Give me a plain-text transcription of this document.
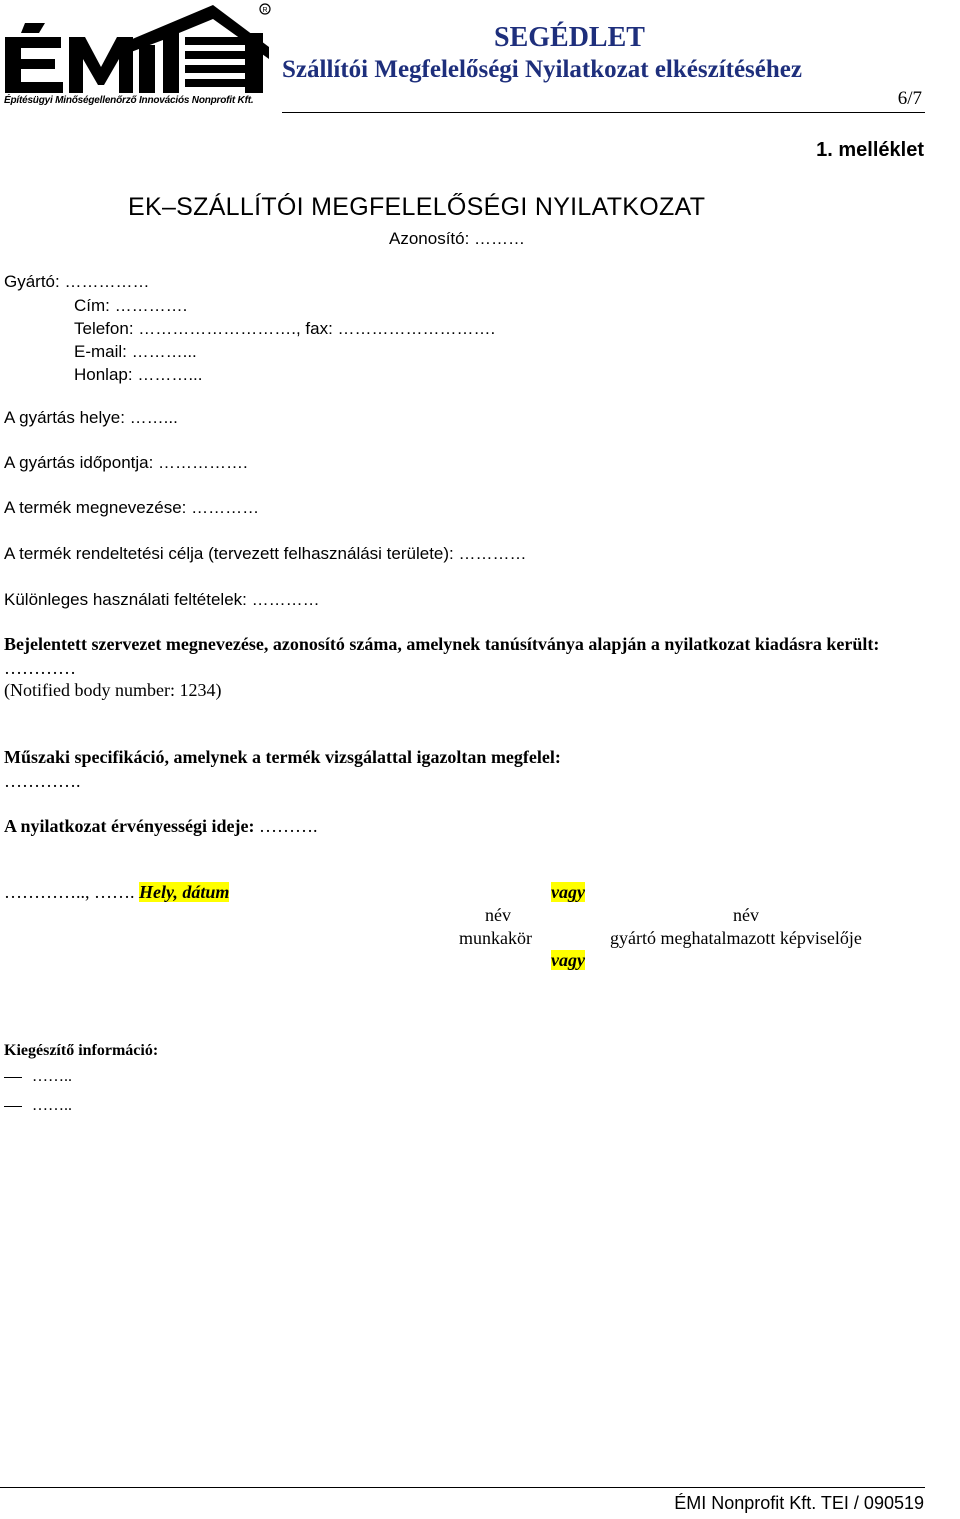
R
Építésügyi Minőségellenőrző Innovációs Nonprofit Kft.
SEGÉDLET
Szállítói Megfelelőségi Nyilatkozat elkészítéséhez
6/7
1. melléklet
EK–SZÁLLÍTÓI MEGFELELŐSÉGI NYILATKOZAT
Azonosító: ………
Gyártó: ……………
Cím: ………….
Telefon: ………………………., fax: ……………………….
E-mail: ………...
Honlap: ………...
A gyártás helye: ……...
A gyártás időpontja: …………….
A termék megnevezése: …………
A termék rendeltetési célja (tervezett felhasználási területe): …………
Különleges használati feltételek: …………
Bejelentett szervezet megnevezése, azonosító száma, amelynek tanúsítványa alapján a nyilatkozat kiadásra került:
…………
(Notified body number: 1234)
Műszaki specifikáció, amelynek a termék vizsgálattal igazoltan megfelel:
………….
A nyilatkozat érvényességi ideje: ……….
………….., ……. Hely, dátum	vagy
név	név
munkakör	gyártó meghatalmazott képviselője
vagy
Kiegészítő információ:
……..
……..
ÉMI Nonprofit Kft. TEI / 090519
